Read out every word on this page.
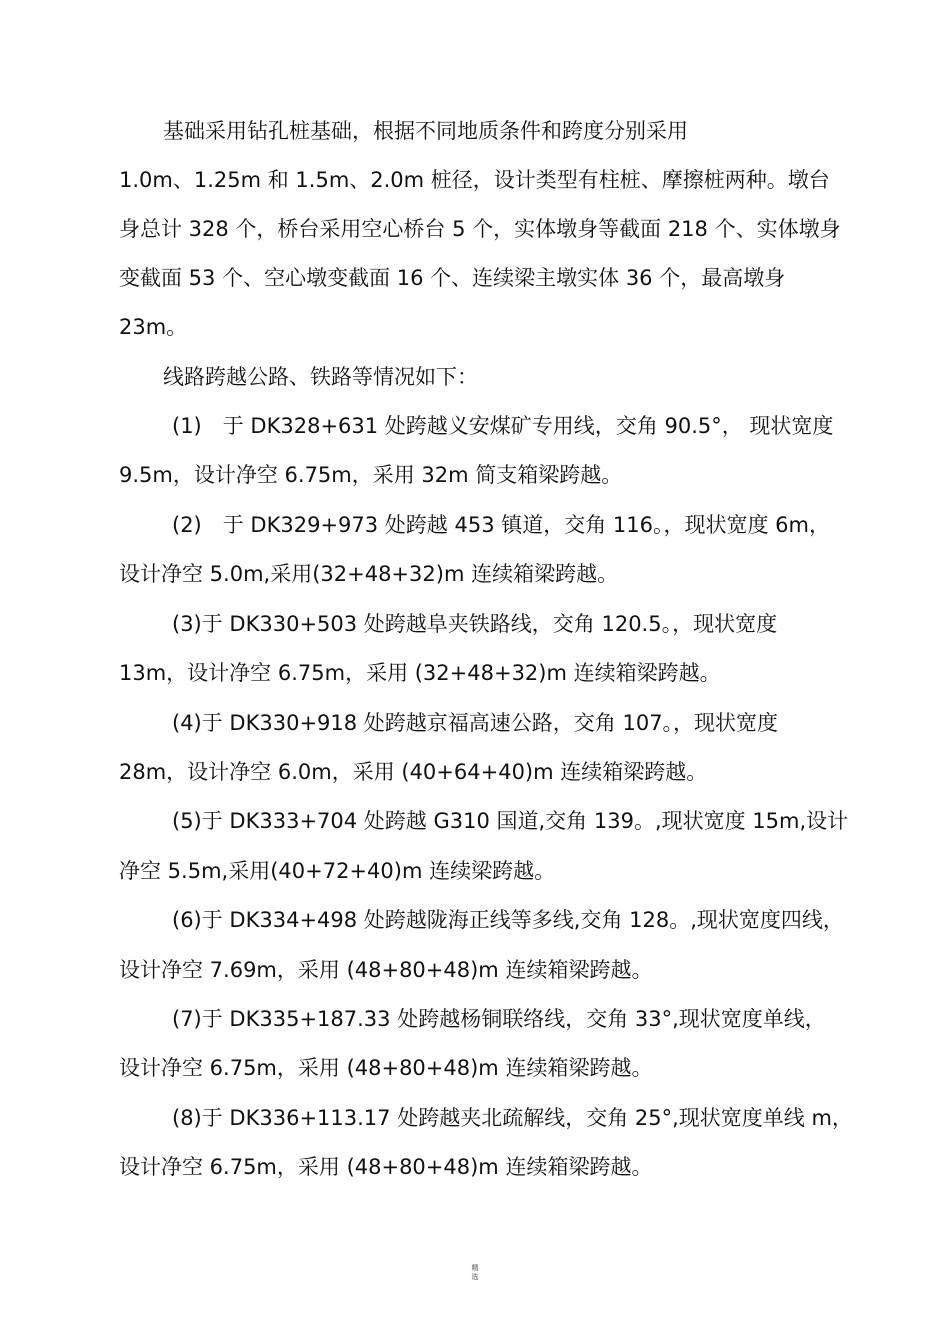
基础采用钻孔桩基础，根据不同地质条件和跨度分别采用
1.0m、1.25m 和 1.5m、2.0m 桩径，设计类型有柱桩、摩擦桩两种。墩台
身总计 328 个，桥台采用空心桥台 5 个，实体墩身等截面 218 个、实体墩身
变截面 53 个、空心墩变截面 16 个、连续梁主墩实体 36 个，最高墩身
23m。
线路跨越公路、铁路等情况如下：
(1)　于 DK328+631 处跨越义安煤矿专用线，交角 90.5°， 现状宽度
9.5m，设计净空 6.75m，采用 32m 简支箱梁跨越。
(2)　于 DK329+973 处跨越 453 镇道，交角 116。，现状宽度 6m，
设计净空 5.0m,采用(32+48+32)m 连续箱梁跨越。
(3)于 DK330+503 处跨越阜夹铁路线，交角 120.5。，现状宽度
13m，设计净空 6.75m，采用 (32+48+32)m 连续箱梁跨越。
(4)于 DK330+918 处跨越京福高速公路，交角 107。，现状宽度
28m，设计净空 6.0m，采用 (40+64+40)m 连续箱梁跨越。
(5)于 DK333+704 处跨越 G310 国道,交角 139。,现状宽度 15m,设计
净空 5.5m,采用(40+72+40)m 连续梁跨越。
(6)于 DK334+498 处跨越陇海正线等多线,交角 128。,现状宽度四线，
设计净空 7.69m，采用 (48+80+48)m 连续箱梁跨越。
(7)于 DK335+187.33 处跨越杨铜联络线，交角 33°,现状宽度单线，
设计净空 6.75m，采用 (48+80+48)m 连续箱梁跨越。
(8)于 DK336+113.17 处跨越夹北疏解线，交角 25°,现状宽度单线 m，
设计净空 6.75m，采用 (48+80+48)m 连续箱梁跨越。
精
选
